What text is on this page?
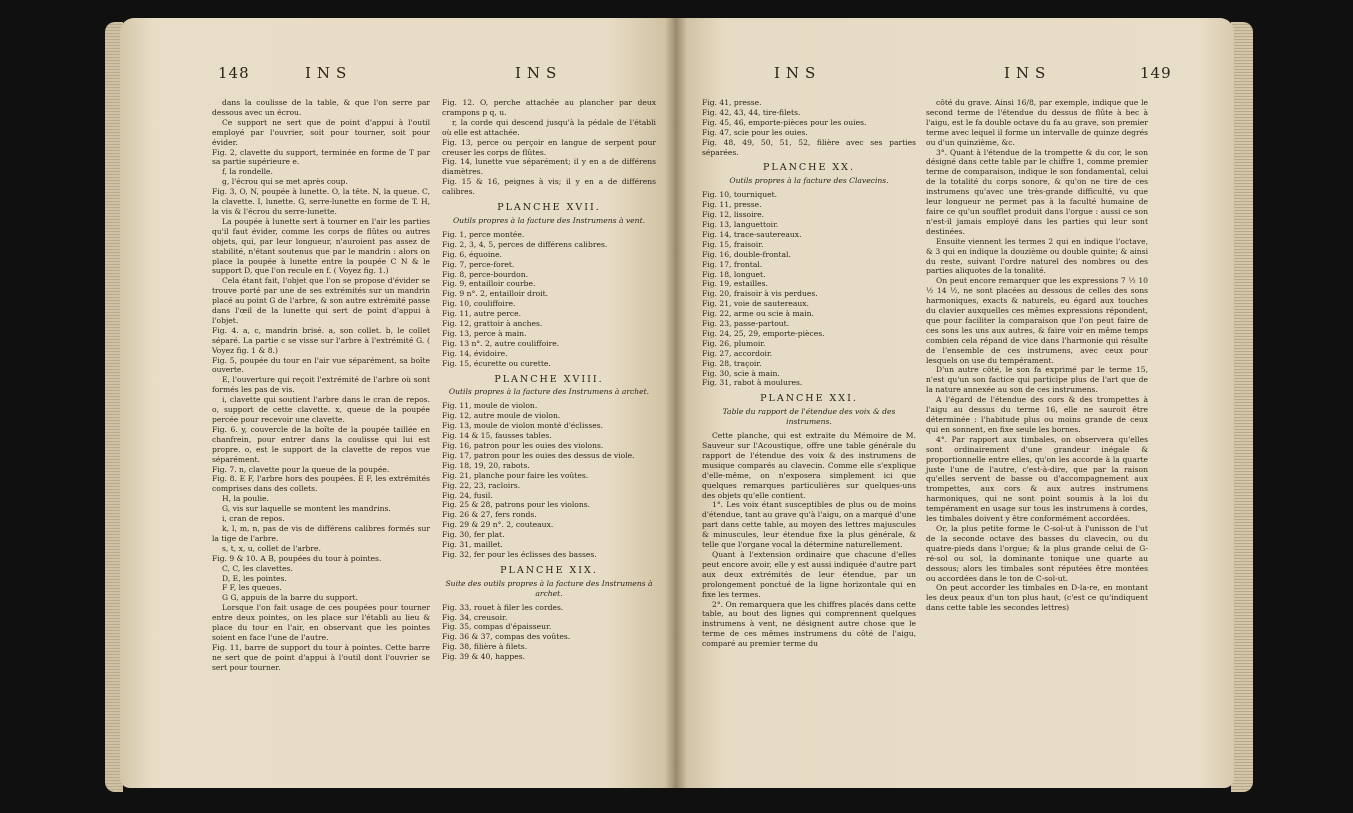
148	INS	INS

dans la coulisse de la table, & que l'on serre par dessous avec un écrou.

Ce support ne sert que de point d'appui à l'outil employé par l'ouvrier, soit pour tourner, soit pour évider.

Fig. 2, clavette du support, terminée en forme de T par sa partie supérieure e.

f, la rondelle.

g, l'écrou qui se met après coup.

Fig. 3, O, N, poupée à lunette. O, la tête. N, la queue. C, la clavette. I, lunette. G, serre-lunette en forme de T. H, la vis & l'écrou du serre-lunette.

La poupée à lunette sert à tourner en l'air les parties qu'il faut évider, comme les corps de flûtes ou autres objets, qui, par leur longueur, n'auroient pas assez de stabilité, n'étant soutenus que par le mandrin : alors on place la poupée à lunette entre la poupée C N & le support D, que l'on recule en f. ( Voyez fig. 1.)

Cela étant fait, l'objet que l'on se propose d'évider se trouve porté par une de ses extrémités sur un mandrin placé au point G de l'arbre, & son autre extrémité passe dans l'œil de la lunette qui sert de point d'appui à l'objet.

Fig. 4. a, c, mandrin brisé. a, son collet. b, le collet séparé. La partie c se visse sur l'arbre à l'extrémité G. ( Voyez fig. 1 & 8.)

Fig. 5, poupée du tour en l'air vue séparément, sa boîte ouverte.

E, l'ouverture qui reçoit l'extrémité de l'arbre où sont formés les pas de vis.

i, clavette qui soutient l'arbre dans le cran de repos. o, support de cette clavette. x, queue de la poupée percée pour recevoir une clavette.

Fig. 6. y, couvercle de la boîte de la poupée taillée en chanfrein, pour entrer dans la coulisse qui lui est propre. o, est le support de la clavette de repos vue séparément.

Fig. 7. n, clavette pour la queue de la poupée.

Fig. 8. E F, l'arbre hors des poupées. E F, les extrémités comprises dans des collets.

H, la poulie.

G, vis sur laquelle se montent les mandrins.

i, cran de repos.

k, l, m, n, pas de vis de différens calibres formés sur la tige de l'arbre.

s, t, x, u, collet de l'arbre.

Fig. 9 & 10. A B, poupées du tour à pointes.

C, C, les clavettes.

D, E, les pointes.

F F, les queues.

G G, appuis de la barre du support.

Lorsque l'on fait usage de ces poupées pour tourner entre deux pointes, on les place sur l'établi au lieu & place du tour en l'air, en observant que les pointes soient en face l'une de l'autre.

Fig. 11, barre de support du tour à pointes. Cette barre ne sert que de point d'appui à l'outil dont l'ouvrier se sert pour tourner.

Fig. 12. O, perche attachée au plancher par deux crampons p q, u.

r, la corde qui descend jusqu'à la pédale de l'établi où elle est attachée.

Fig. 13, perce ou perçoir en langue de serpent pour creuser les corps de flûtes.

Fig. 14, lunette vue séparément; il y en a de différens diamètres.

Fig. 15 & 16, peignes à vis; il y en a de différens calibres.

PLANCHE XVII.

Outils propres à la facture des Instrumens à vent.

Fig. 1, perce montée.

Fig. 2, 3, 4, 5, perces de différens calibres.

Fig. 6, équoine.

Fig. 7, perce-foret.

Fig. 8, perce-bourdon.

Fig. 9, entailloir courbe.

Fig. 9 n°. 2, entailloir droit.

Fig. 10, couliffoire.

Fig. 11, autre perce.

Fig. 12, grattoir à anches.

Fig. 13, perce à main.

Fig. 13 n°. 2, autre couliffoire.

Fig. 14, évidoire.

Fig. 15, écurette ou curette.

PLANCHE XVIII.

Outils propres à la facture des Instrumens à archet.

Fig. 11, moule de violon.

Fig. 12, autre moule de violon.

Fig. 13, moule de violon monté d'éclisses.

Fig. 14 & 15, fausses tables.

Fig. 16, patron pour les ouies des violons.

Fig. 17, patron pour les ouies des dessus de viole.

Fig. 18, 19, 20, rabots.

Fig. 21, planche pour faire les voûtes.

Fig. 22, 23, racloirs.

Fig. 24, fusil.

Fig. 25 & 28, patrons pour les violons.

Fig. 26 & 27, fers ronds.

Fig. 29 & 29 n°. 2, couteaux.

Fig. 30, fer plat.

Fig. 31, maillet.

Fig. 32, fer pour les éclisses des basses.

PLANCHE XIX.

Suite des outils propres à la facture des Instrumens à archet.

Fig. 33, rouet à filer les cordes.

Fig. 34, creusoir.

Fig. 35, compas d'épaisseur.

Fig. 36 & 37, compas des voûtes.

Fig. 38, filière à filets.

Fig. 39 & 40, happes.

INS	INS	149

Fig. 41, presse.

Fig. 42, 43, 44, tire-filets.

Fig. 45, 46, emporte-pièces pour les ouies.

Fig. 47, scie pour les ouies.

Fig. 48, 49, 50, 51, 52, filière avec ses parties séparées.

PLANCHE XX.

Outils propres à la facture des Clavecins.

Fig. 10, tourniquet.

Fig. 11, presse.

Fig. 12, lissoire.

Fig. 13, languettoir.

Fig. 14, trace-sautereaux.

Fig. 15, fraisoir.

Fig. 16, double-frontal.

Fig. 17, frontal.

Fig. 18, longuet.

Fig. 19, estailles.

Fig. 20, fraisoir à vis perdues.

Fig. 21, voie de sautereaux.

Fig. 22, arme ou scie à main.

Fig. 23, passe-partout.

Fig. 24, 25, 29, emporte-pièces.

Fig. 26, plumoir.

Fig. 27, accordoir.

Fig. 28, traçoir.

Fig. 30, scie à main.

Fig. 31, rabot à moulures.

PLANCHE XXI.

Table du rapport de l'étendue des voix & des instrumens.

Cette planche, qui est extraite du Mémoire de M. Sauveur sur l'Acoustique, offre une table générale du rapport de l'étendue des voix & des instrumens de musique comparés au clavecin. Comme elle s'explique d'elle-même, on n'exposera simplement ici que quelques remarques particulières sur quelques-uns des objets qu'elle contient.

1°. Les voix étant susceptibles de plus ou de moins d'étendue, tant au grave qu'à l'aigu, on a marqué d'une part dans cette table, au moyen des lettres majuscules & minuscules, leur étendue fixe la plus générale, & telle que l'organe vocal la détermine naturellement.

Quant à l'extension ordinaire que chacune d'elles peut encore avoir, elle y est aussi indiquée d'autre part aux deux extrémités de leur étendue, par un prolongement ponctué de la ligne horizontale qui en fixe les termes.

2°. On remarquera que les chiffres placés dans cette table, au bout des lignes qui comprennent quelques instrumens à vent, ne désignent autre chose que le terme de ces mêmes instrumens du côté de l'aigu, comparé au premier terme du

côté du grave. Ainsi 16/8, par exemple, indique que le second terme de l'étendue du dessus de flûte à bec à l'aigu, est le fa double octave du fa au grave, son premier terme avec lequel il forme un intervalle de quinze degrés ou d'un quinzième, &c.

3°. Quant à l'étendue de la trompette & du cor, le son désigné dans cette table par le chiffre 1, comme premier terme de comparaison, indique le son fondamental, celui de la totalité du corps sonore, & qu'on ne tire de ces instrumens qu'avec une très-grande difficulté, vu que leur longueur ne permet pas à la faculté humaine de faire ce qu'un soufflet produit dans l'orgue : aussi ce son n'est-il jamais employé dans les parties qui leur sont destinées.

Ensuite viennent les termes 2 qui en indique l'octave, & 3 qui en indique la douzième ou double quinte; & ainsi du reste, suivant l'ordre naturel des nombres ou des parties aliquotes de la tonalité.

On peut encore remarquer que les expressions 7 ½ 10 ½ 14 ½, ne sont placées au dessous de celles des sons harmoniques, exacts & naturels, eu égard aux touches du clavier auxquelles ces mêmes expressions répondent, que pour faciliter la comparaison que l'on peut faire de ces sons les uns aux autres, & faire voir en même temps combien cela répand de vice dans l'harmonie qui résulte de l'ensemble de ces instrumens, avec ceux pour lesquels on use du tempérament.

D'un autre côté, le son fa exprimé par le terme 15, n'est qu'un son factice qui participe plus de l'art que de la nature annexée au son de ces instrumens.

A l'égard de l'étendue des cors & des trompettes à l'aigu au dessus du terme 16, elle ne sauroit être déterminée : l'habitude plus ou moins grande de ceux qui en sonnent, en fixe seule les bornes.

4°. Par rapport aux timbales, on observera qu'elles sont ordinairement d'une grandeur inégale & proportionnelle entre elles, qu'on les accorde à la quarte juste l'une de l'autre, c'est-à-dire, que par la raison qu'elles servent de basse ou d'accompagnement aux trompettes, aux cors & aux autres instrumens harmoniques, qui ne sont point soumis à la loi du tempérament en usage sur tous les instrumens à cordes, les timbales doivent y être conformément accordées.

Or, la plus petite forme le C-sol-ut à l'unisson de l'ut de la seconde octave des basses du clavecin, ou du quatre-pieds dans l'orgue; & la plus grande celui de G-ré-sol ou sol, la dominante tonique une quarte au dessous; alors les timbales sont réputées être montées ou accordées dans le ton de C-sol-ut.

On peut accorder les timbales en D-la-re, en montant les deux peaux d'un ton plus haut, (c'est ce qu'indiquent dans cette table les secondes lettres)
